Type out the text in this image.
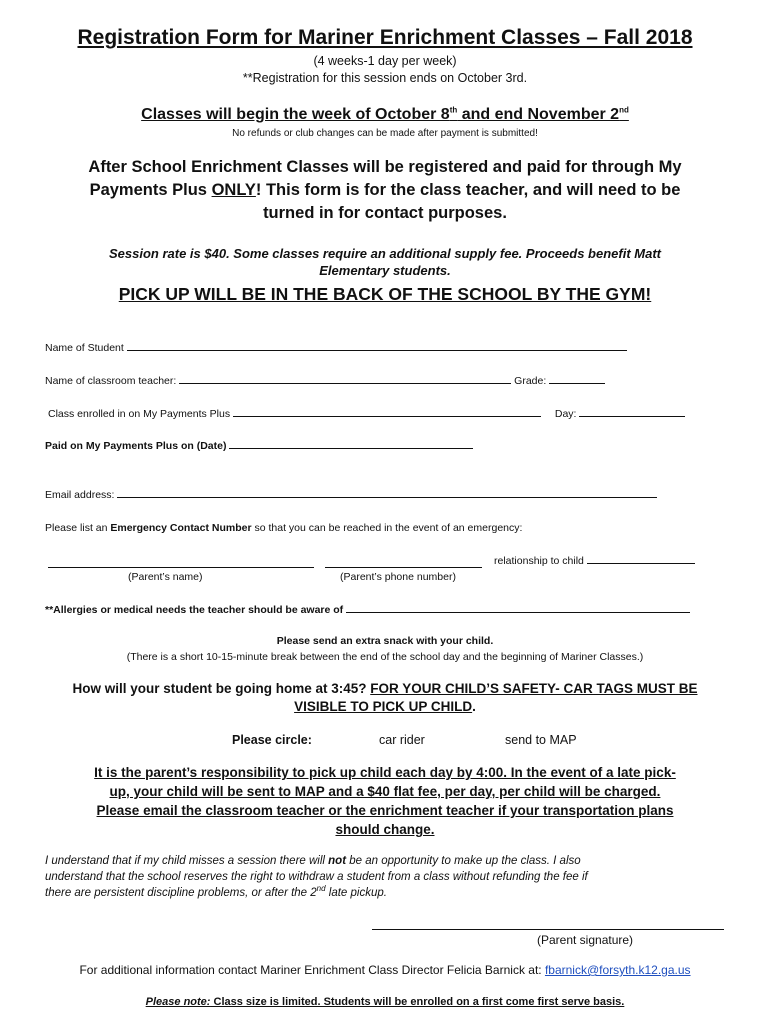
Registration Form for Mariner Enrichment Classes – Fall 2018
(4 weeks-1 day per week)
**Registration for this session ends on October 3rd.
Classes will begin the week of October 8th and end November 2nd
No refunds or club changes can be made after payment is submitted!
After School Enrichment Classes will be registered and paid for through My
Payments Plus ONLY! This form is for the class teacher, and will need to be
turned in for contact purposes.
Session rate is $40. Some classes require an additional supply fee. Proceeds benefit Matt
Elementary students.
PICK UP WILL BE IN THE BACK OF THE SCHOOL BY THE GYM!
Name of Student
Name of classroom teacher:	Grade:
Class enrolled in on My Payments Plus	Day:
Paid on My Payments Plus on (Date)
Email address:
Please list an Emergency Contact Number so that you can be reached in the event of an emergency:
relationship to child
(Parent’s name)	(Parent’s phone number)
**Allergies or medical needs the teacher should be aware of
Please send an extra snack with your child.
(There is a short 10-15-minute break between the end of the school day and the beginning of Mariner Classes.)
How will your student be going home at 3:45? FOR YOUR CHILD’S SAFETY- CAR TAGS MUST BE
VISIBLE TO PICK UP CHILD.
Please circle:	car rider	send to MAP
It is the parent’s responsibility to pick up child each day by 4:00. In the event of a late pick-
up, your child will be sent to MAP and a $40 flat fee, per day, per child will be charged.
Please email the classroom teacher or the enrichment teacher if your transportation plans
should change.
I understand that if my child misses a session there will not be an opportunity to make up the class. I also
understand that the school reserves the right to withdraw a student from a class without refunding the fee if
there are persistent discipline problems, or after the 2nd late pickup.
(Parent signature)
For additional information contact Mariner Enrichment Class Director Felicia Barnick at: fbarnick@forsyth.k12.ga.us
Please note: Class size is limited. Students will be enrolled on a first come first serve basis.
